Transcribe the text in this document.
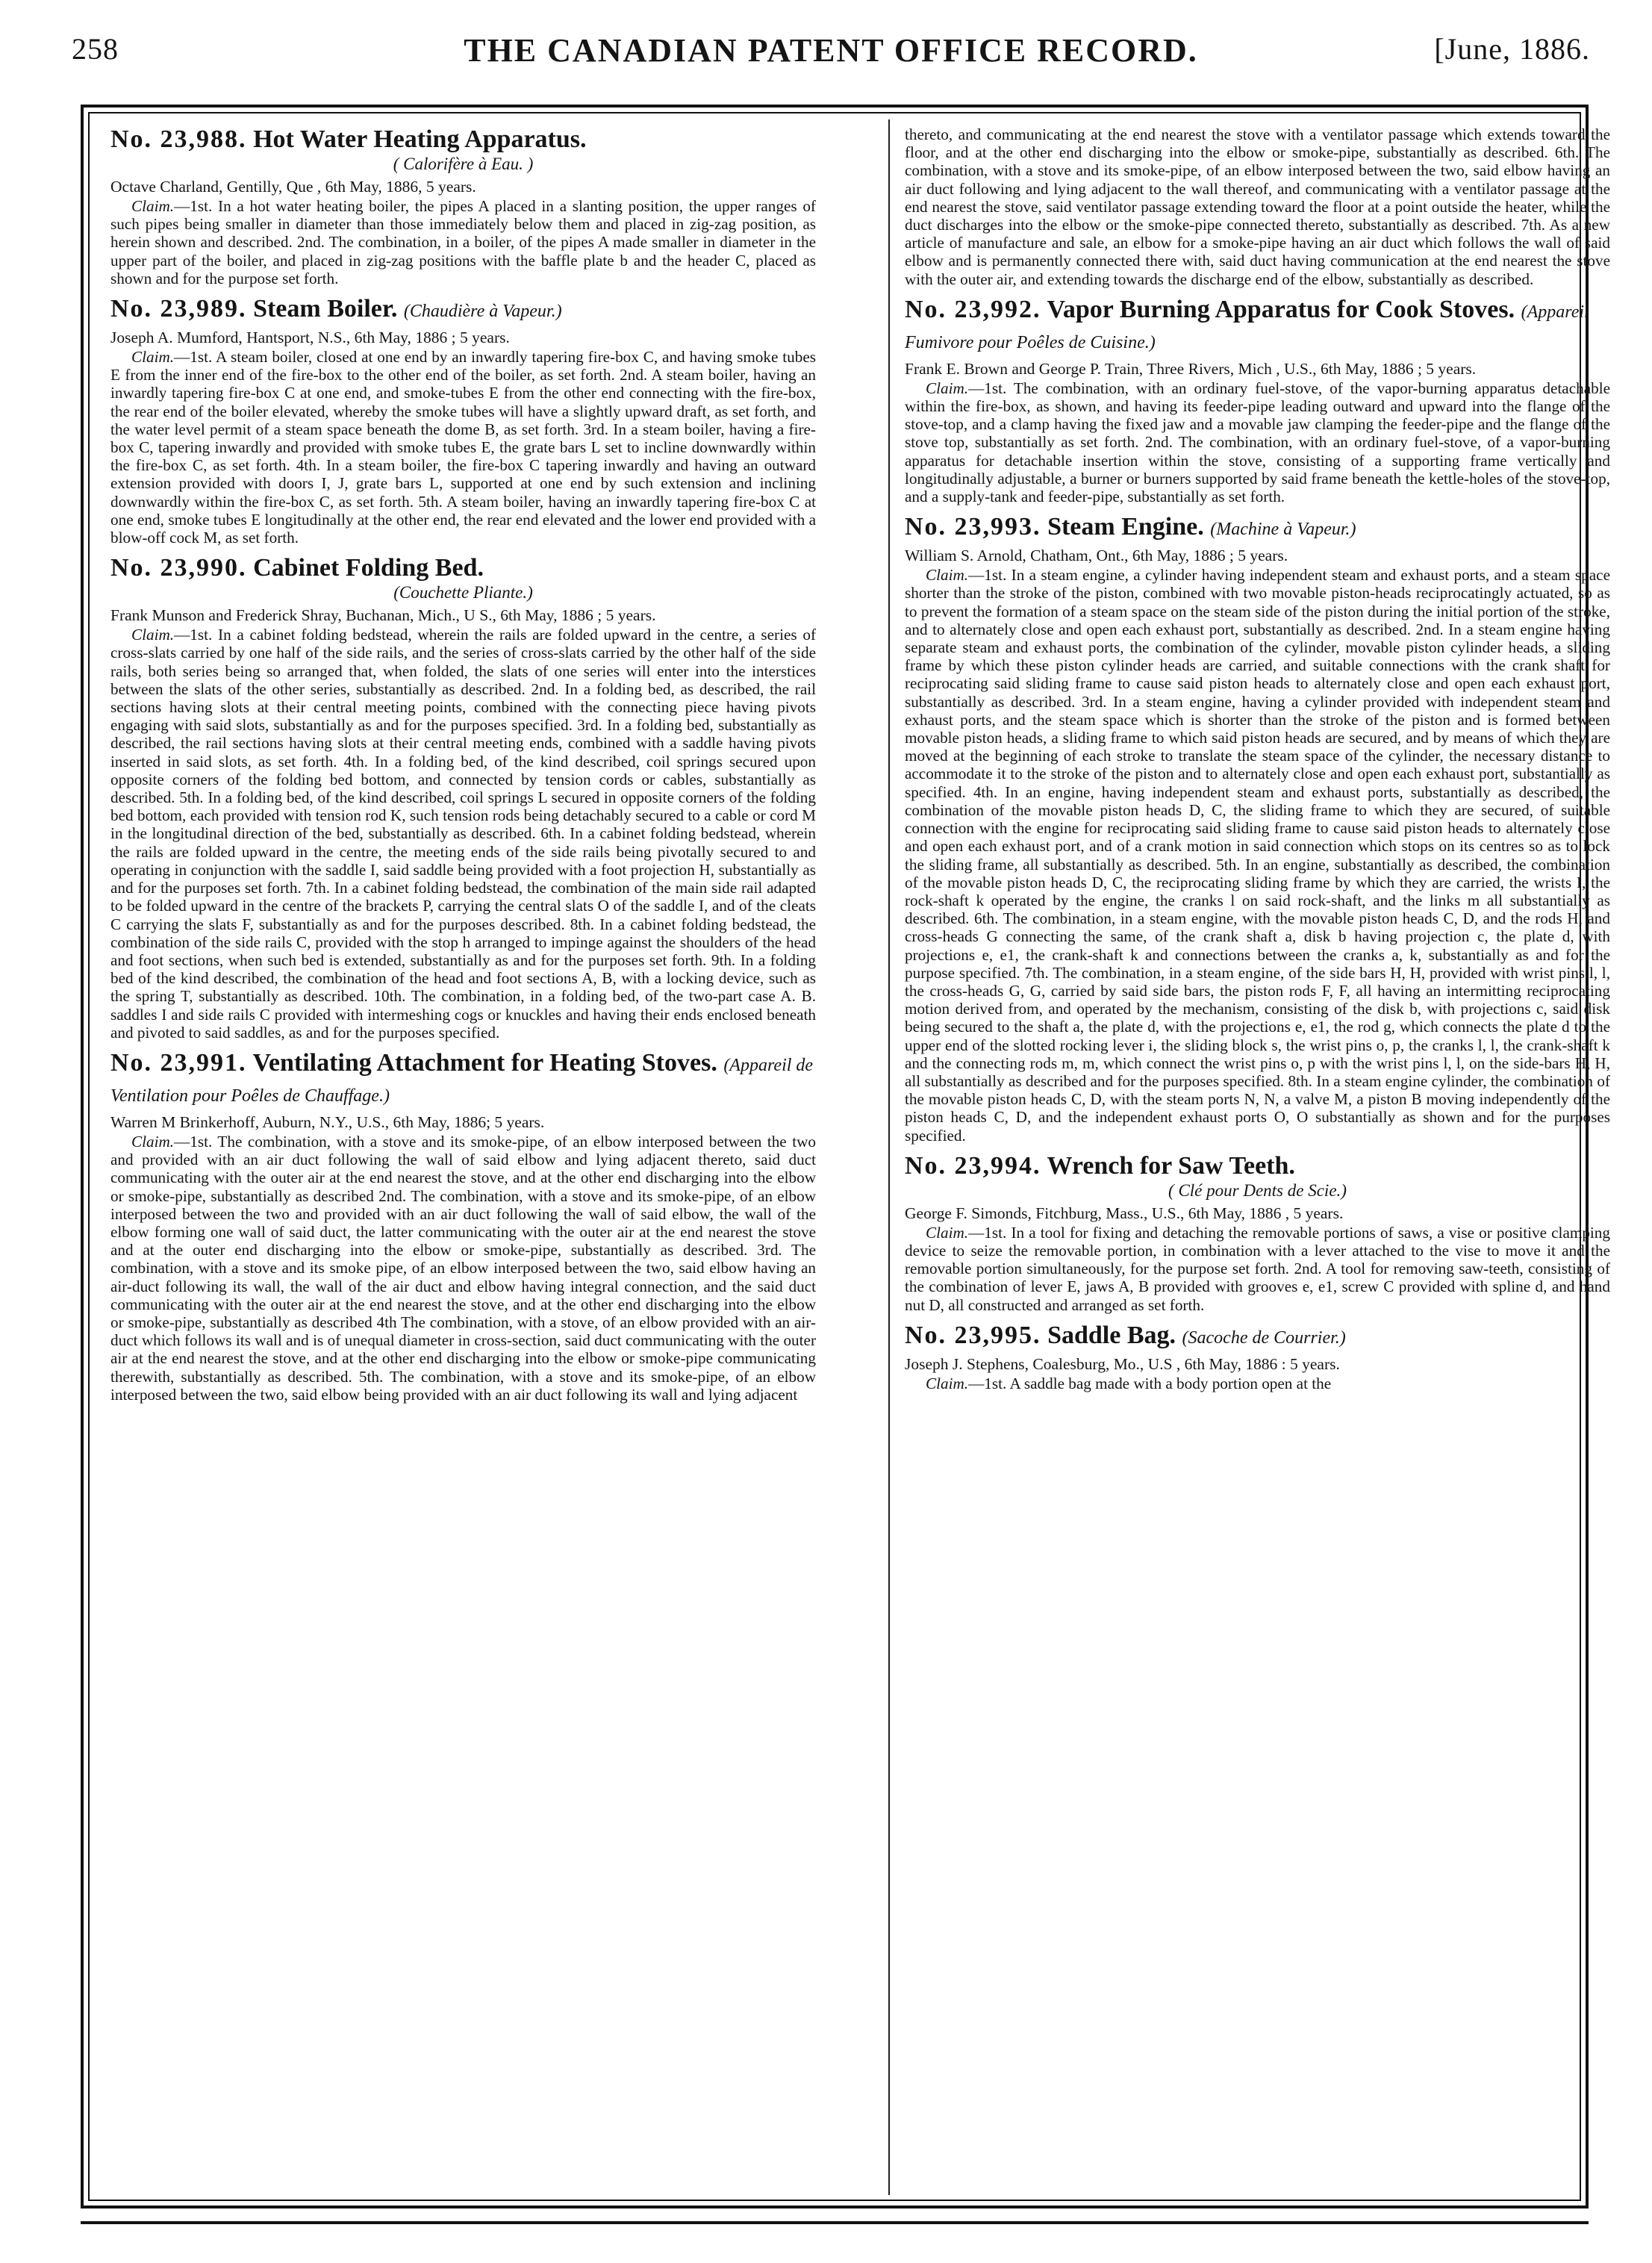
258	THE CANADIAN PATENT OFFICE RECORD.	[June, 1886.

No. 23,988. Hot Water Heating Apparatus.

( Calorifère à Eau. )

Octave Charland, Gentilly, Que , 6th May, 1886, 5 years.

Claim.—1st. In a hot water heating boiler, the pipes A placed in a slanting position, the upper ranges of such pipes being smaller in diameter than those immediately below them and placed in zig-zag position, as herein shown and described. 2nd. The combination, in a boiler, of the pipes A made smaller in diameter in the upper part of the boiler, and placed in zig-zag positions with the baffle plate b and the header C, placed as shown and for the purpose set forth.

No. 23,989. Steam Boiler. (Chaudière à Vapeur.)

Joseph A. Mumford, Hantsport, N.S., 6th May, 1886 ; 5 years.

Claim.—1st. A steam boiler, closed at one end by an inwardly tapering fire-box C, and having smoke tubes E from the inner end of the fire-box to the other end of the boiler, as set forth. 2nd. A steam boiler, having an inwardly tapering fire-box C at one end, and smoke-tubes E from the other end connecting with the fire-box, the rear end of the boiler elevated, whereby the smoke tubes will have a slightly upward draft, as set forth, and the water level permit of a steam space beneath the dome B, as set forth. 3rd. In a steam boiler, having a fire-box C, tapering inwardly and provided with smoke tubes E, the grate bars L set to incline downwardly within the fire-box C, as set forth. 4th. In a steam boiler, the fire-box C tapering inwardly and having an outward extension provided with doors I, J, grate bars L, supported at one end by such extension and inclining downwardly within the fire-box C, as set forth. 5th. A steam boiler, having an inwardly tapering fire-box C at one end, smoke tubes E longitudinally at the other end, the rear end elevated and the lower end provided with a blow-off cock M, as set forth.

No. 23,990. Cabinet Folding Bed.

(Couchette Pliante.)

Frank Munson and Frederick Shray, Buchanan, Mich., U S., 6th May, 1886 ; 5 years.

Claim.—1st. In a cabinet folding bedstead, wherein the rails are folded upward in the centre, a series of cross-slats carried by one half of the side rails, and the series of cross-slats carried by the other half of the side rails, both series being so arranged that, when folded, the slats of one series will enter into the interstices between the slats of the other series, substantially as described. 2nd. In a folding bed, as described, the rail sections having slots at their central meeting points, combined with the connecting piece having pivots engaging with said slots, substantially as and for the purposes specified. 3rd. In a folding bed, substantially as described, the rail sections having slots at their central meeting ends, combined with a saddle having pivots inserted in said slots, as set forth. 4th. In a folding bed, of the kind described, coil springs secured upon opposite corners of the folding bed bottom, and connected by tension cords or cables, substantially as described. 5th. In a folding bed, of the kind described, coil springs L secured in opposite corners of the folding bed bottom, each provided with tension rod K, such tension rods being detachably secured to a cable or cord M in the longitudinal direction of the bed, substantially as described. 6th. In a cabinet folding bedstead, wherein the rails are folded upward in the centre, the meeting ends of the side rails being pivotally secured to and operating in conjunction with the saddle I, said saddle being provided with a foot projection H, substantially as and for the purposes set forth. 7th. In a cabinet folding bedstead, the combination of the main side rail adapted to be folded upward in the centre of the brackets P, carrying the central slats O of the saddle I, and of the cleats C carrying the slats F, substantially as and for the purposes described. 8th. In a cabinet folding bedstead, the combination of the side rails C, provided with the stop h arranged to impinge against the shoulders of the head and foot sections, when such bed is extended, substantially as and for the purposes set forth. 9th. In a folding bed of the kind described, the combination of the head and foot sections A, B, with a locking device, such as the spring T, substantially as described. 10th. The combination, in a folding bed, of the two-part case A. B. saddles I and side rails C provided with intermeshing cogs or knuckles and having their ends enclosed beneath and pivoted to said saddles, as and for the purposes specified.

No. 23,991. Ventilating Attachment for Heating Stoves. (Appareil de Ventilation pour Poêles de Chauffage.)

Warren M Brinkerhoff, Auburn, N.Y., U.S., 6th May, 1886; 5 years.

Claim.—1st. The combination, with a stove and its smoke-pipe, of an elbow interposed between the two and provided with an air duct following the wall of said elbow and lying adjacent thereto, said duct communicating with the outer air at the end nearest the stove, and at the other end discharging into the elbow or smoke-pipe, substantially as described 2nd. The combination, with a stove and its smoke-pipe, of an elbow interposed between the two and provided with an air duct following the wall of said elbow, the wall of the elbow forming one wall of said duct, the latter communicating with the outer air at the end nearest the stove and at the outer end discharging into the elbow or smoke-pipe, substantially as described. 3rd. The combination, with a stove and its smoke pipe, of an elbow interposed between the two, said elbow having an air-duct following its wall, the wall of the air duct and elbow having integral connection, and the said duct communicating with the outer air at the end nearest the stove, and at the other end discharging into the elbow or smoke-pipe, substantially as described 4th The combination, with a stove, of an elbow provided with an air-duct which follows its wall and is of unequal diameter in cross-section, said duct communicating with the outer air at the end nearest the stove, and at the other end discharging into the elbow or smoke-pipe communicating therewith, substantially as described. 5th. The combination, with a stove and its smoke-pipe, of an elbow interposed between the two, said elbow being provided with an air duct following its wall and lying adjacent

thereto, and communicating at the end nearest the stove with a ventilator passage which extends toward the floor, and at the other end discharging into the elbow or smoke-pipe, substantially as described. 6th. The combination, with a stove and its smoke-pipe, of an elbow interposed between the two, said elbow having an air duct following and lying adjacent to the wall thereof, and communicating with a ventilator passage at the end nearest the stove, said ventilator passage extending toward the floor at a point outside the heater, while the duct discharges into the elbow or the smoke-pipe connected thereto, substantially as described. 7th. As a new article of manufacture and sale, an elbow for a smoke-pipe having an air duct which follows the wall of said elbow and is permanently connected there with, said duct having communication at the end nearest the stove with the outer air, and extending towards the discharge end of the elbow, substantially as described.

No. 23,992. Vapor Burning Apparatus for Cook Stoves. (Appareil Fumivore pour Poêles de Cuisine.)

Frank E. Brown and George P. Train, Three Rivers, Mich , U.S., 6th May, 1886 ; 5 years.

Claim.—1st. The combination, with an ordinary fuel-stove, of the vapor-burning apparatus detachable within the fire-box, as shown, and having its feeder-pipe leading outward and upward into the flange of the stove-top, and a clamp having the fixed jaw and a movable jaw clamping the feeder-pipe and the flange of the stove top, substantially as set forth. 2nd. The combination, with an ordinary fuel-stove, of a vapor-burning apparatus for detachable insertion within the stove, consisting of a supporting frame vertically and longitudinally adjustable, a burner or burners supported by said frame beneath the kettle-holes of the stove-top, and a supply-tank and feeder-pipe, substantially as set forth.

No. 23,993. Steam Engine. (Machine à Vapeur.)

William S. Arnold, Chatham, Ont., 6th May, 1886 ; 5 years.

Claim.—1st. In a steam engine, a cylinder having independent steam and exhaust ports, and a steam space shorter than the stroke of the piston, combined with two movable piston-heads reciprocatingly actuated, so as to prevent the formation of a steam space on the steam side of the piston during the initial portion of the stroke, and to alternately close and open each exhaust port, substantially as described. 2nd. In a steam engine having separate steam and exhaust ports, the combination of the cylinder, movable piston cylinder heads, a sliding frame by which these piston cylinder heads are carried, and suitable connections with the crank shaft for reciprocating said sliding frame to cause said piston heads to alternately close and open each exhaust port, substantially as described. 3rd. In a steam engine, having a cylinder provided with independent steam and exhaust ports, and the steam space which is shorter than the stroke of the piston and is formed between movable piston heads, a sliding frame to which said piston heads are secured, and by means of which they are moved at the beginning of each stroke to translate the steam space of the cylinder, the necessary distance to accommodate it to the stroke of the piston and to alternately close and open each exhaust port, substantially as specified. 4th. In an engine, having independent steam and exhaust ports, substantially as described, the combination of the movable piston heads D, C, the sliding frame to which they are secured, of suitable connection with the engine for reciprocating said sliding frame to cause said piston heads to alternately close and open each exhaust port, and of a crank motion in said connection which stops on its centres so as to lock the sliding frame, all substantially as described. 5th. In an engine, substantially as described, the combination of the movable piston heads D, C, the reciprocating sliding frame by which they are carried, the wrists I, the rock-shaft k operated by the engine, the cranks l on said rock-shaft, and the links m all substantially as described. 6th. The combination, in a steam engine, with the movable piston heads C, D, and the rods H, and cross-heads G connecting the same, of the crank shaft a, disk b having projection c, the plate d, with projections e, e1, the crank-shaft k and connections between the cranks a, k, substantially as and for the purpose specified. 7th. The combination, in a steam engine, of the side bars H, H, provided with wrist pins l, l, the cross-heads G, G, carried by said side bars, the piston rods F, F, all having an intermitting reciprocating motion derived from, and operated by the mechanism, consisting of the disk b, with projections c, said disk being secured to the shaft a, the plate d, with the projections e, e1, the rod g, which connects the plate d to the upper end of the slotted rocking lever i, the sliding block s, the wrist pins o, p, the cranks l, l, the crank-shaft k and the connecting rods m, m, which connect the wrist pins o, p with the wrist pins l, l, on the side-bars H, H, all substantially as described and for the purposes specified. 8th. In a steam engine cylinder, the combination of the movable piston heads C, D, with the steam ports N, N, a valve M, a piston B moving independently of the piston heads C, D, and the independent exhaust ports O, O substantially as shown and for the purposes specified.

No. 23,994. Wrench for Saw Teeth.

( Clé pour Dents de Scie.)

George F. Simonds, Fitchburg, Mass., U.S., 6th May, 1886 , 5 years.

Claim.—1st. In a tool for fixing and detaching the removable portions of saws, a vise or positive clamping device to seize the removable portion, in combination with a lever attached to the vise to move it and the removable portion simultaneously, for the purpose set forth. 2nd. A tool for removing saw-teeth, consisting of the combination of lever E, jaws A, B provided with grooves e, e1, screw C provided with spline d, and hand nut D, all constructed and arranged as set forth.

No. 23,995. Saddle Bag. (Sacoche de Courrier.)

Joseph J. Stephens, Coalesburg, Mo., U.S , 6th May, 1886 : 5 years.

Claim.—1st. A saddle bag made with a body portion open at the
